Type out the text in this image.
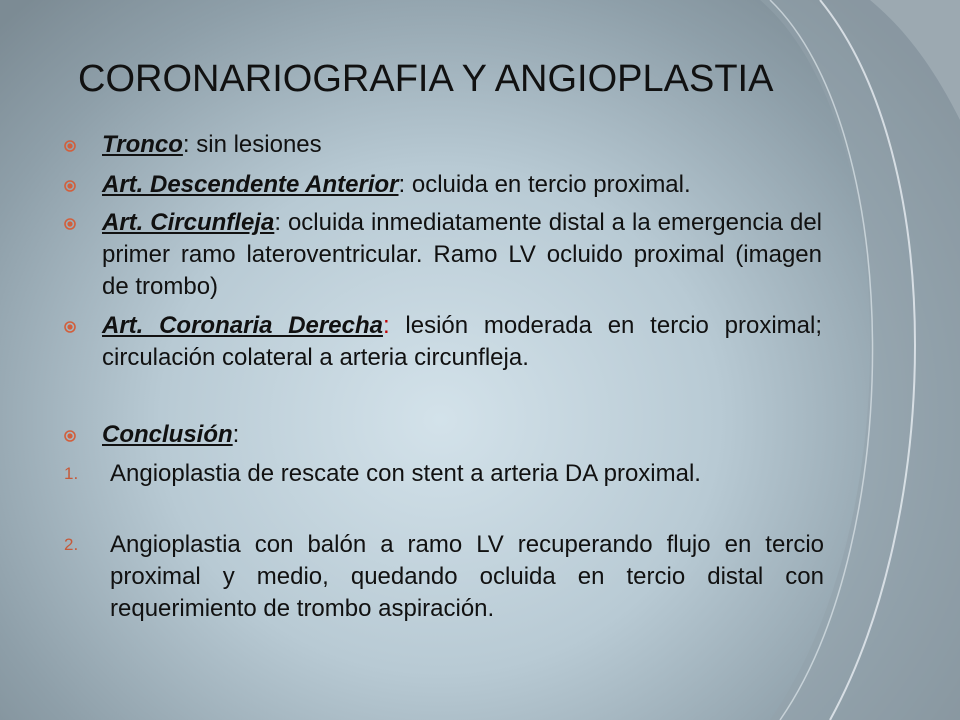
CORONARIOGRAFIA Y ANGIOPLASTIA
Tronco: sin lesiones
Art. Descendente Anterior: ocluida en tercio proximal.
Art. Circunfleja: ocluida inmediatamente distal a la emergencia del primer ramo lateroventricular. Ramo LV ocluido proximal (imagen de trombo)
Art. Coronaria Derecha: lesión moderada en tercio proximal; circulación colateral a arteria circunfleja.
Conclusión:
1. Angioplastia de rescate con stent a arteria DA proximal.
2. Angioplastia con balón a ramo LV recuperando flujo en tercio proximal y medio, quedando ocluida en tercio distal con requerimiento de trombo aspiración.
